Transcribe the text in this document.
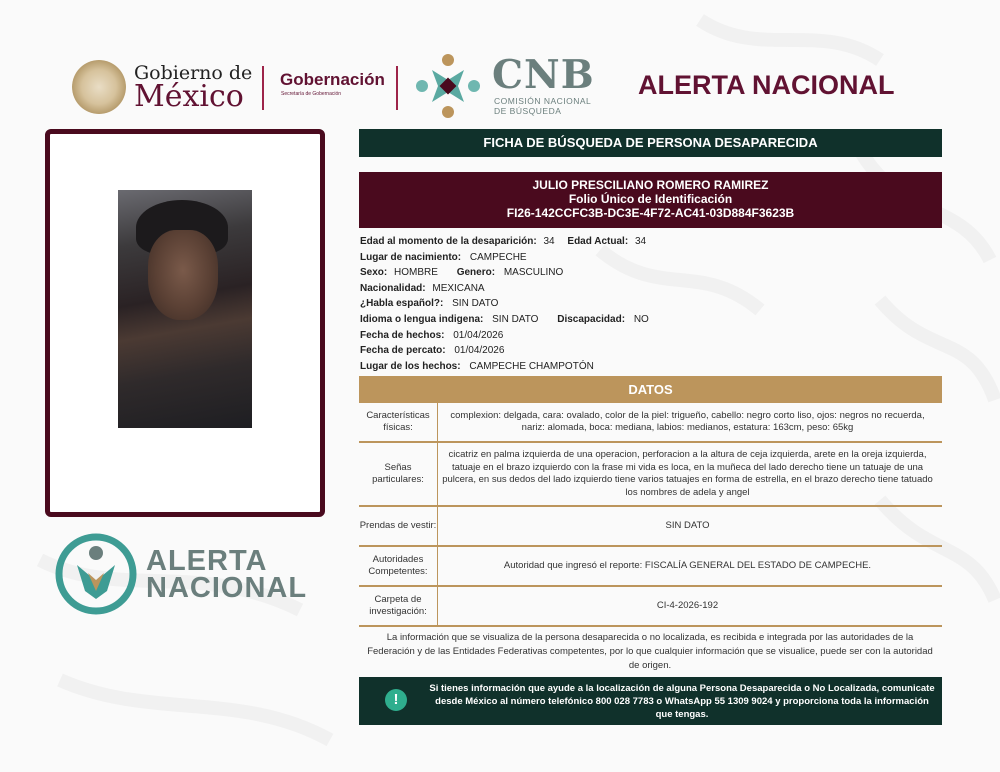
Gobierno de
México Gobernación
Secretaría de Gobernación	CNB
COMISIÓN NACIONAL
DE BÚSQUEDA
ALERTA NACIONAL
ALERTA
NACIONAL
FICHA DE BÚSQUEDA DE PERSONA DESAPARECIDA
JULIO PRESCILIANO ROMERO RAMIREZ
Folio Único de Identificación
FI26-142CCFC3B-DC3E-4F72-AC41-03D884F3623B
Edad al momento de la desaparición: 34 Edad Actual: 34
Lugar de nacimiento: CAMPECHE
Sexo: HOMBRE Genero: MASCULINO
Nacionalidad: MEXICANA
¿Habla español?: SIN DATO
Idioma o lengua indigena: SIN DATO Discapacidad: NO
Fecha de hechos: 01/04/2026
Fecha de percato: 01/04/2026
Lugar de los hechos: CAMPECHE CHAMPOTÓN
DATOS
Características físicas:
complexion: delgada, cara: ovalado, color de la piel: trigueño, cabello: negro corto liso, ojos: negros no recuerda, nariz: alomada, boca: mediana, labios: medianos, estatura: 163cm, peso: 65kg
Señas particulares:
cicatriz en palma izquierda de una operacion, perforacion a la altura de ceja izquierda, arete en la oreja izquierda, tatuaje en el brazo izquierdo con la frase mi vida es loca, en la muñeca del lado derecho tiene un tatuaje de una pulcera, en sus dedos del lado izquierdo tiene varios tatuajes en forma de estrella, en el brazo derecho tiene tatuado los nombres de adela y angel
Prendas de vestir:	SIN DATO
Autoridades Competentes:
Autoridad que ingresó el reporte: FISCALÍA GENERAL DEL ESTADO DE CAMPECHE.
Carpeta de investigación:
CI-4-2026-192
La información que se visualiza de la persona desaparecida o no localizada, es recibida e integrada por las autoridades de la Federación y de las Entidades Federativas competentes, por lo que cualquier información que se visualice, puede ser con la autoridad de origen.
!
Si tienes información que ayude a la localización de alguna Persona Desaparecida o No Localizada, comunicate desde México al número telefónico 800 028 7783 o WhatsApp 55 1309 9024 y proporciona toda la información que tengas.
